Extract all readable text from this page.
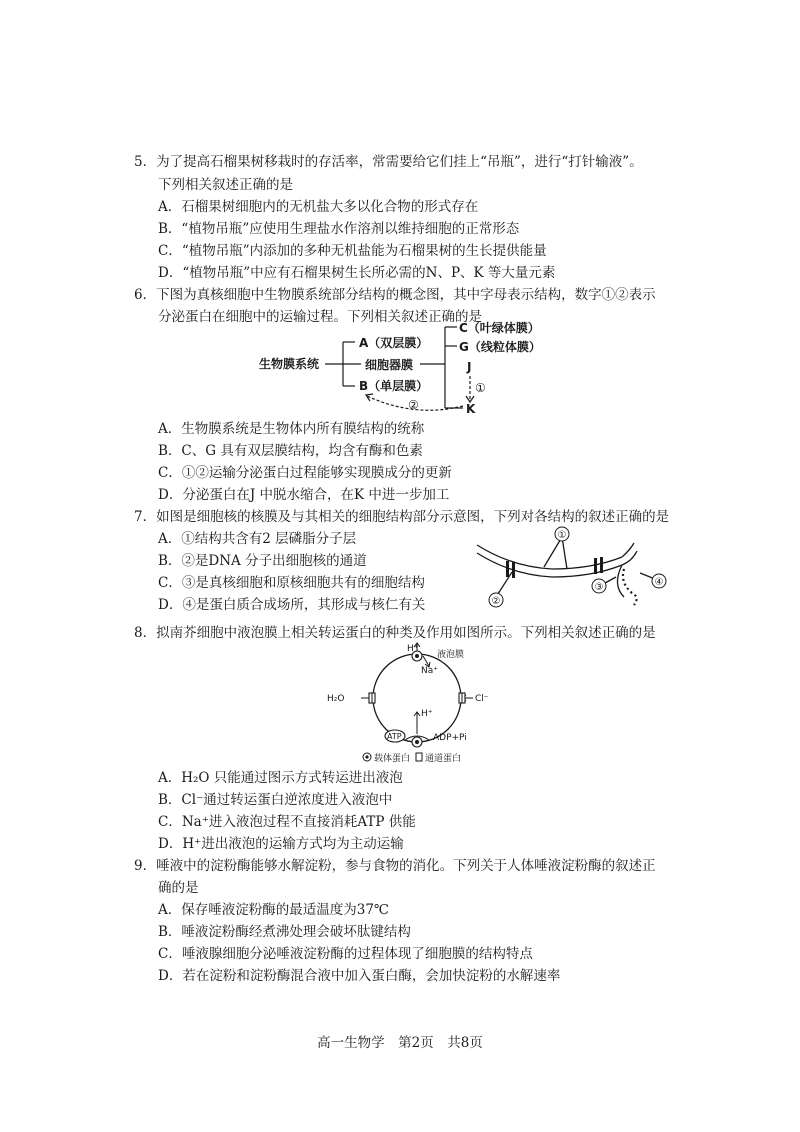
5．为了提高石榴果树移栽时的存活率，常需要给它们挂上“吊瓶”，进行“打针输液”。
下列相关叙述正确的是
A．石榴果树细胞内的无机盐大多以化合物的形式存在
B．“植物吊瓶”应使用生理盐水作溶剂以维持细胞的正常形态
C．“植物吊瓶”内添加的多种无机盐能为石榴果树的生长提供能量
D．“植物吊瓶”中应有石榴果树生长所必需的N、P、K 等大量元素
6．下图为真核细胞中生物膜系统部分结构的概念图，其中字母表示结构，数字①②表示
分泌蛋白在细胞中的运输过程。下列相关叙述正确的是
生物膜系统
A（双层膜）
细胞器膜
B（单层膜）
C（叶绿体膜）
G（线粒体膜）
J
K
①
②
A．生物膜系统是生物体内所有膜结构的统称
B．C、G 具有双层膜结构，均含有酶和色素
C．①②运输分泌蛋白过程能够实现膜成分的更新
D．分泌蛋白在J 中脱水缩合，在K 中进一步加工
7．如图是细胞核的核膜及与其相关的细胞结构部分示意图，下列对各结构的叙述正确的是
A．①结构共含有2 层磷脂分子层
B．②是DNA 分子出细胞核的通道
C．③是真核细胞和原核细胞共有的细胞结构
D．④是蛋白质合成场所，其形成与核仁有关
①
②
③	④
8．拟南芥细胞中液泡膜上相关转运蛋白的种类及作用如图所示。下列相关叙述正确的是
H⁺
液泡膜
Na⁺
H₂O	Cl⁻
H⁺
ATP	ADP+Pi
载体蛋白 通道蛋白
A．H₂O 只能通过图示方式转运进出液泡
B．Cl⁻通过转运蛋白逆浓度进入液泡中
C．Na⁺进入液泡过程不直接消耗ATP 供能
D．H⁺进出液泡的运输方式均为主动运输
9．唾液中的淀粉酶能够水解淀粉，参与食物的消化。下列关于人体唾液淀粉酶的叙述正
确的是
A．保存唾液淀粉酶的最适温度为37℃
B．唾液淀粉酶经煮沸处理会破坏肽键结构
C．唾液腺细胞分泌唾液淀粉酶的过程体现了细胞膜的结构特点
D．若在淀粉和淀粉酶混合液中加入蛋白酶，会加快淀粉的水解速率
高一生物学　第2页　共8页
